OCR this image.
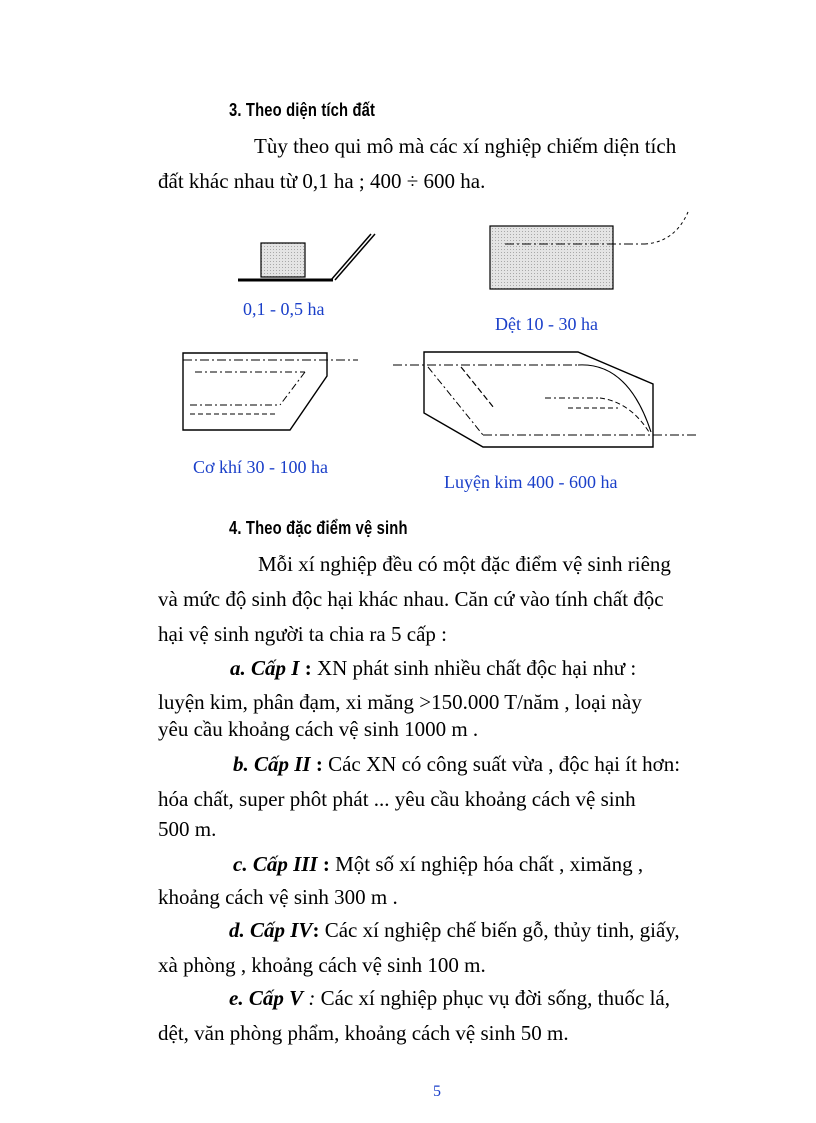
3. Theo diện tích đất
Tùy theo qui mô mà các xí nghiệp chiếm diện tích
đất khác nhau từ 0,1 ha ; 400 ÷ 600 ha.
0,1 - 0,5 ha
Dệt 10 - 30 ha
Cơ khí 30 - 100 ha
Luyện kim 400 - 600 ha
4. Theo đặc điểm vệ sinh
Mỗi xí nghiệp đều có một đặc điểm vệ sinh riêng
và mức độ sinh độc hại khác nhau. Căn cứ vào tính chất độc
hại vệ sinh người ta chia ra 5 cấp :
a. Cấp I : XN phát sinh nhiều chất độc hại như :
luyện kim, phân đạm, xi măng >150.000 T/năm , loại này
yêu cầu khoảng cách vệ sinh 1000 m .
b. Cấp II : Các XN có công suất vừa , độc hại ít hơn:
hóa chất, super phôt phát ... yêu cầu khoảng cách vệ sinh
500 m.
c. Cấp III : Một số xí nghiệp hóa chất , ximăng ,
khoảng cách vệ sinh 300 m .
d. Cấp IV: Các xí nghiệp chế biến gỗ, thủy tinh, giấy,
xà phòng , khoảng cách vệ sinh 100 m.
e. Cấp V : Các xí nghiệp phục vụ đời sống, thuốc lá,
dệt, văn phòng phẩm, khoảng cách vệ sinh 50 m.
5
